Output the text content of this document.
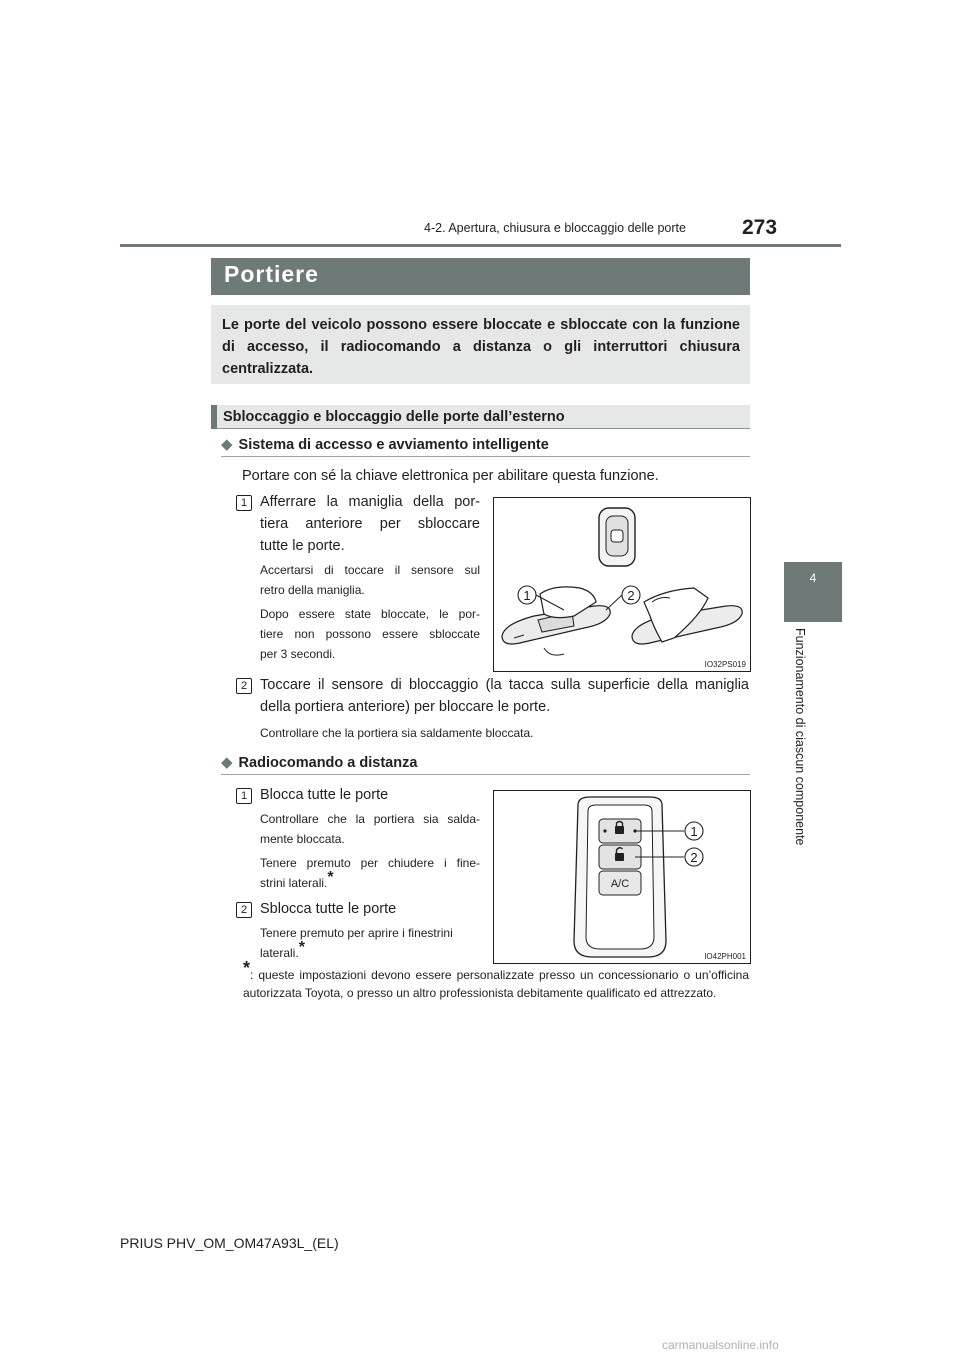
4-2. Apertura, chiusura e bloccaggio delle porte	273
4
Funzionamento di ciascun componente
Portiere
Le porte del veicolo possono essere bloccate e sbloccate con la funzione di accesso, il radiocomando a distanza o gli interruttori chiusura centralizzata.
Sbloccaggio e bloccaggio delle porte dall’esterno
◆ Sistema di accesso e avviamento intelligente
Portare con sé la chiave elettronica per abilitare questa funzione.
1 Afferrare la maniglia della por-
tiera anteriore per sbloccare
tutte le porte.
Accertarsi di toccare il sensore sul
retro della maniglia.
Dopo essere state bloccate, le por-
tiere non possono essere sbloccate
per 3 secondi.
1	2
IO32PS019
2 Toccare il sensore di bloccaggio (la tacca sulla superficie della maniglia
della portiera anteriore) per bloccare le porte.
Controllare che la portiera sia saldamente bloccata.
◆ Radiocomando a distanza
1 Blocca tutte le porte
Controllare che la portiera sia salda-
mente bloccata.
Tenere premuto per chiudere i fine-
strini laterali.*
2 Sblocca tutte le porte
Tenere premuto per aprire i finestrini
laterali.*
A/C
1
2
IO42PH001
*: queste impostazioni devono essere personalizzate presso un concessionario o un’officina autorizzata Toyota, o presso un altro professionista debitamente qualificato ed attrezzato.
PRIUS PHV_OM_OM47A93L_(EL)
carmanualsonline.info
